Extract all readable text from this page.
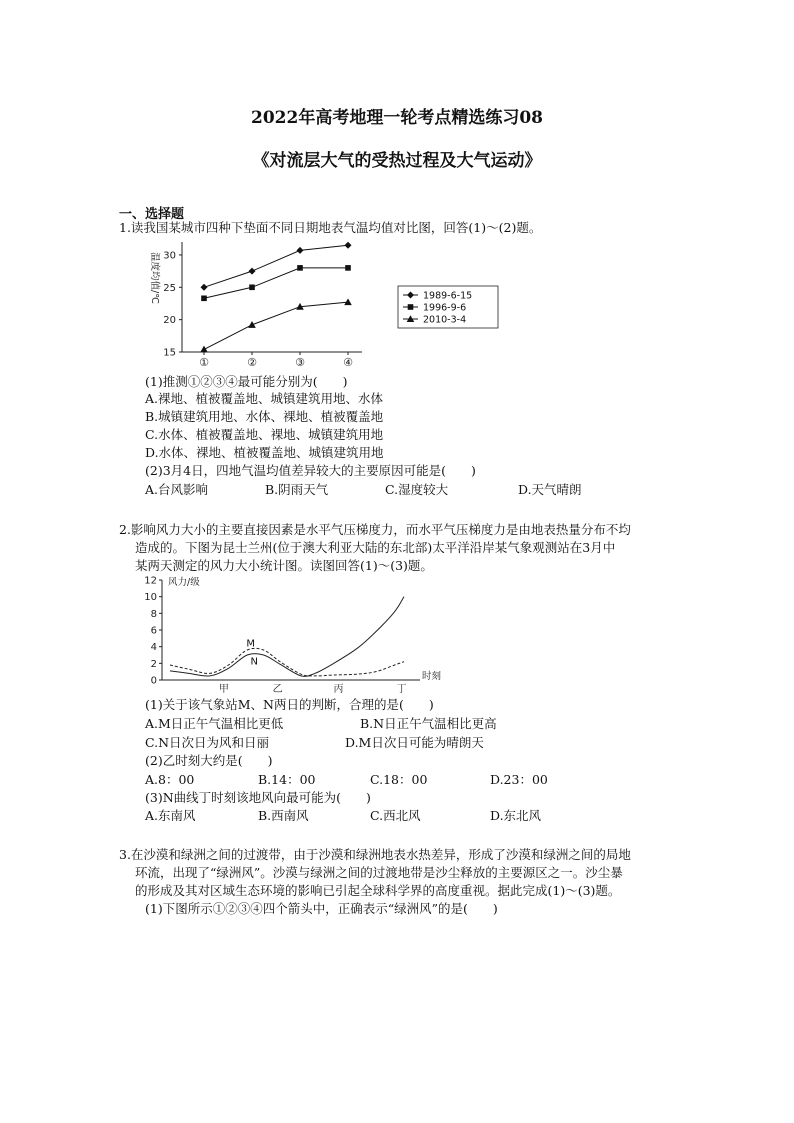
2022年高考地理一轮考点精选练习08
《对流层大气的受热过程及大气运动》
一、选择题
1.读我国某城市四种下垫面不同日期地表气温均值对比图，回答(1)～(2)题。
15
20
25
30
①	②	③	④
温度均值/℃	1989-6-15
1996-9-6
2010-3-4
(1)推测①②③④最可能分别为(　　)
A.裸地、植被覆盖地、城镇建筑用地、水体
B.城镇建筑用地、水体、裸地、植被覆盖地
C.水体、植被覆盖地、裸地、城镇建筑用地
D.水体、裸地、植被覆盖地、城镇建筑用地
(2)3月4日，四地气温均值差异较大的主要原因可能是(　　)
A.台风影响	B.阴雨天气	C.湿度较大	D.天气晴朗
2.影响风力大小的主要直接因素是水平气压梯度力，而水平气压梯度力是由地表热量分布不均
造成的。下图为昆士兰州(位于澳大利亚大陆的东北部)太平洋沿岸某气象观测站在3月中
某两天测定的风力大小统计图。读图回答(1)～(3)题。
0
2
4
6
8
10
12 风力/级
时刻
甲	乙	丙	丁
M
N
(1)关于该气象站M、N两日的判断，合理的是(　　)
A.M日正午气温相比更低	B.N日正午气温相比更高
C.N日次日为风和日丽	D.M日次日可能为晴朗天
(2)乙时刻大约是(　　)
A.8：00	B.14：00	C.18：00	D.23：00
(3)N曲线丁时刻该地风向最可能为(　　)
A.东南风	B.西南风	C.西北风	D.东北风
3.在沙漠和绿洲之间的过渡带，由于沙漠和绿洲地表水热差异，形成了沙漠和绿洲之间的局地
环流，出现了“绿洲风”。沙漠与绿洲之间的过渡地带是沙尘释放的主要源区之一。沙尘暴
的形成及其对区域生态环境的影响已引起全球科学界的高度重视。据此完成(1)～(3)题。
(1)下图所示①②③④四个箭头中，正确表示“绿洲风”的是(　　)
